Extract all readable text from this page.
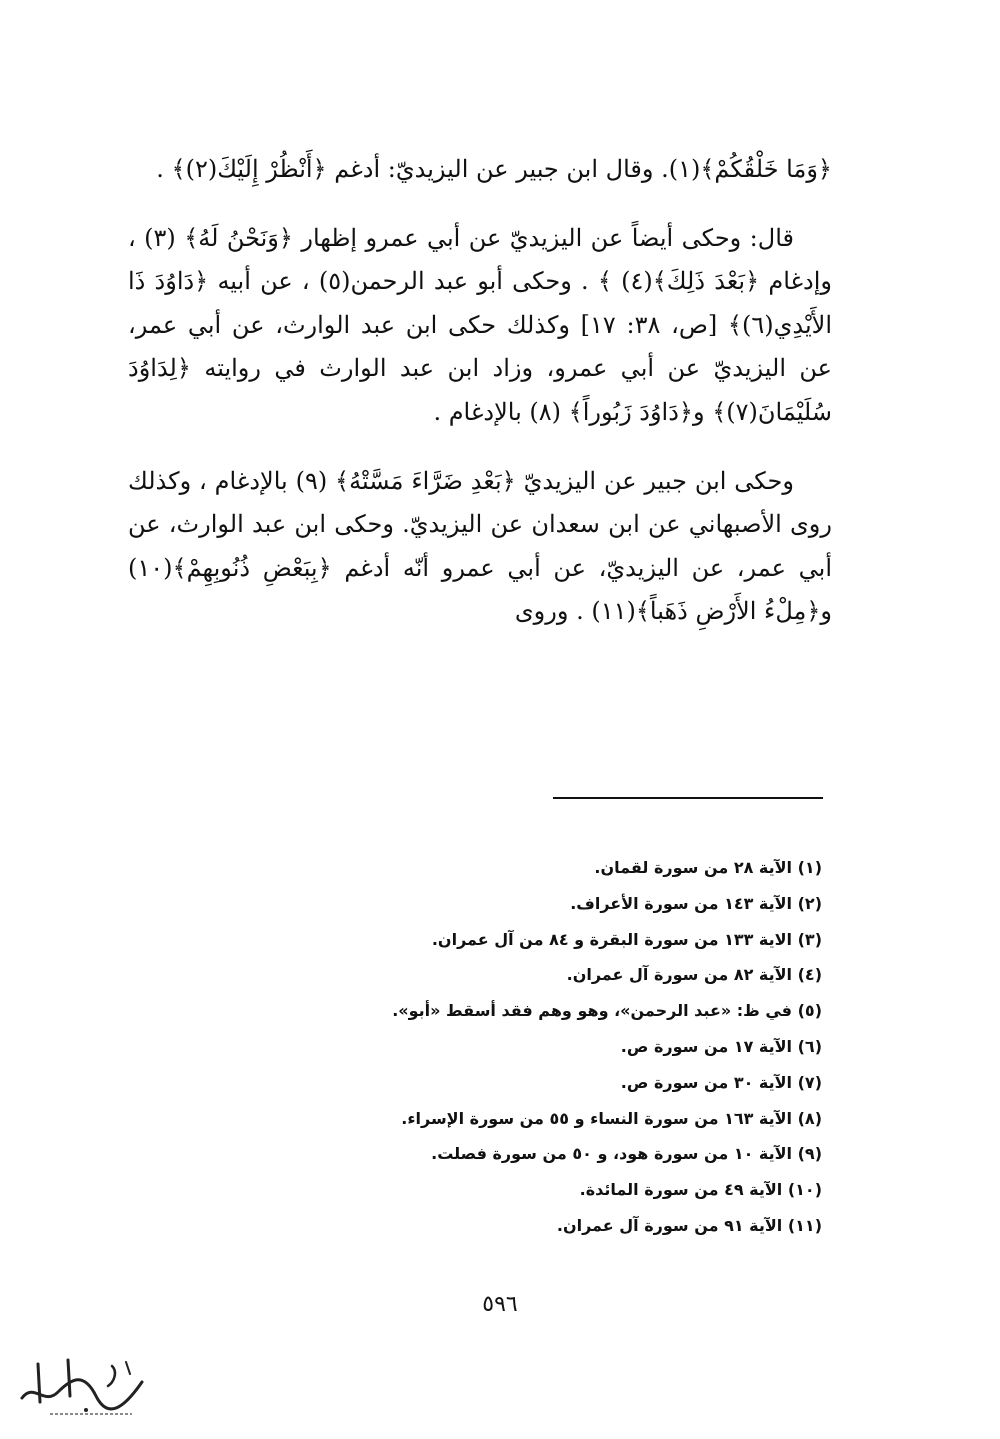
﴿وَمَا خَلْقُكُمْ﴾(١). وقال ابن جبير عن اليزيديّ: أدغم ﴿أَنْظُرْ إِلَيْكَ(٢)﴾ .

قال: وحكى أيضاً عن اليزيديّ عن أبي عمرو إظهار ﴿وَنَحْنُ لَهُ﴾ (٣) ، وإدغام ﴿بَعْدَ ذَلِكَ﴾(٤) ﴾ . وحكى أبو عبد الرحمن(٥) ، عن أبيه ﴿دَاوُدَ ذَا الأَيْدِي(٦)﴾ [ص، ٣٨: ١٧] وكذلك حكى ابن عبد الوارث، عن أبي عمر، عن اليزيديّ عن أبي عمرو، وزاد ابن عبد الوارث في روايته ﴿لِدَاوُدَ سُلَيْمَانَ(٧)﴾ و﴿دَاوُدَ زَبُوراً﴾ (٨) بالإدغام .

وحكى ابن جبير عن اليزيديّ ﴿بَعْدِ ضَرَّاءَ مَسَّتْهُ﴾ (٩) بالإدغام ، وكذلك روى الأصبهاني عن ابن سعدان عن اليزيديّ. وحكى ابن عبد الوارث، عن أبي عمر، عن اليزيديّ، عن أبي عمرو أنّه أدغم ﴿بِبَعْضِ ذُنُوبِهِمْ﴾(١٠) و﴿مِلْءُ الأَرْضِ ذَهَباً﴾(١١) . وروى

(١) الآية ٢٨ من سورة لقمان.
(٢) الآية ١٤٣ من سورة الأعراف.
(٣) الاية ١٣٣ من سورة البقرة و ٨٤ من آل عمران.
(٤) الآية ٨٢ من سورة آل عمران.
(٥) في ظ: «عبد الرحمن»، وهو وهم فقد أسقط «أبو».
(٦) الآية ١٧ من سورة ص.
(٧) الآية ٣٠ من سورة ص.
(٨) الآية ١٦٣ من سورة النساء و ٥٥ من سورة الإسراء.
(٩) الآية ١٠ من سورة هود، و ٥٠ من سورة فصلت.
(١٠) الآية ٤٩ من سورة المائدة.
(١١) الآية ٩١ من سورة آل عمران.
٥٩٦
